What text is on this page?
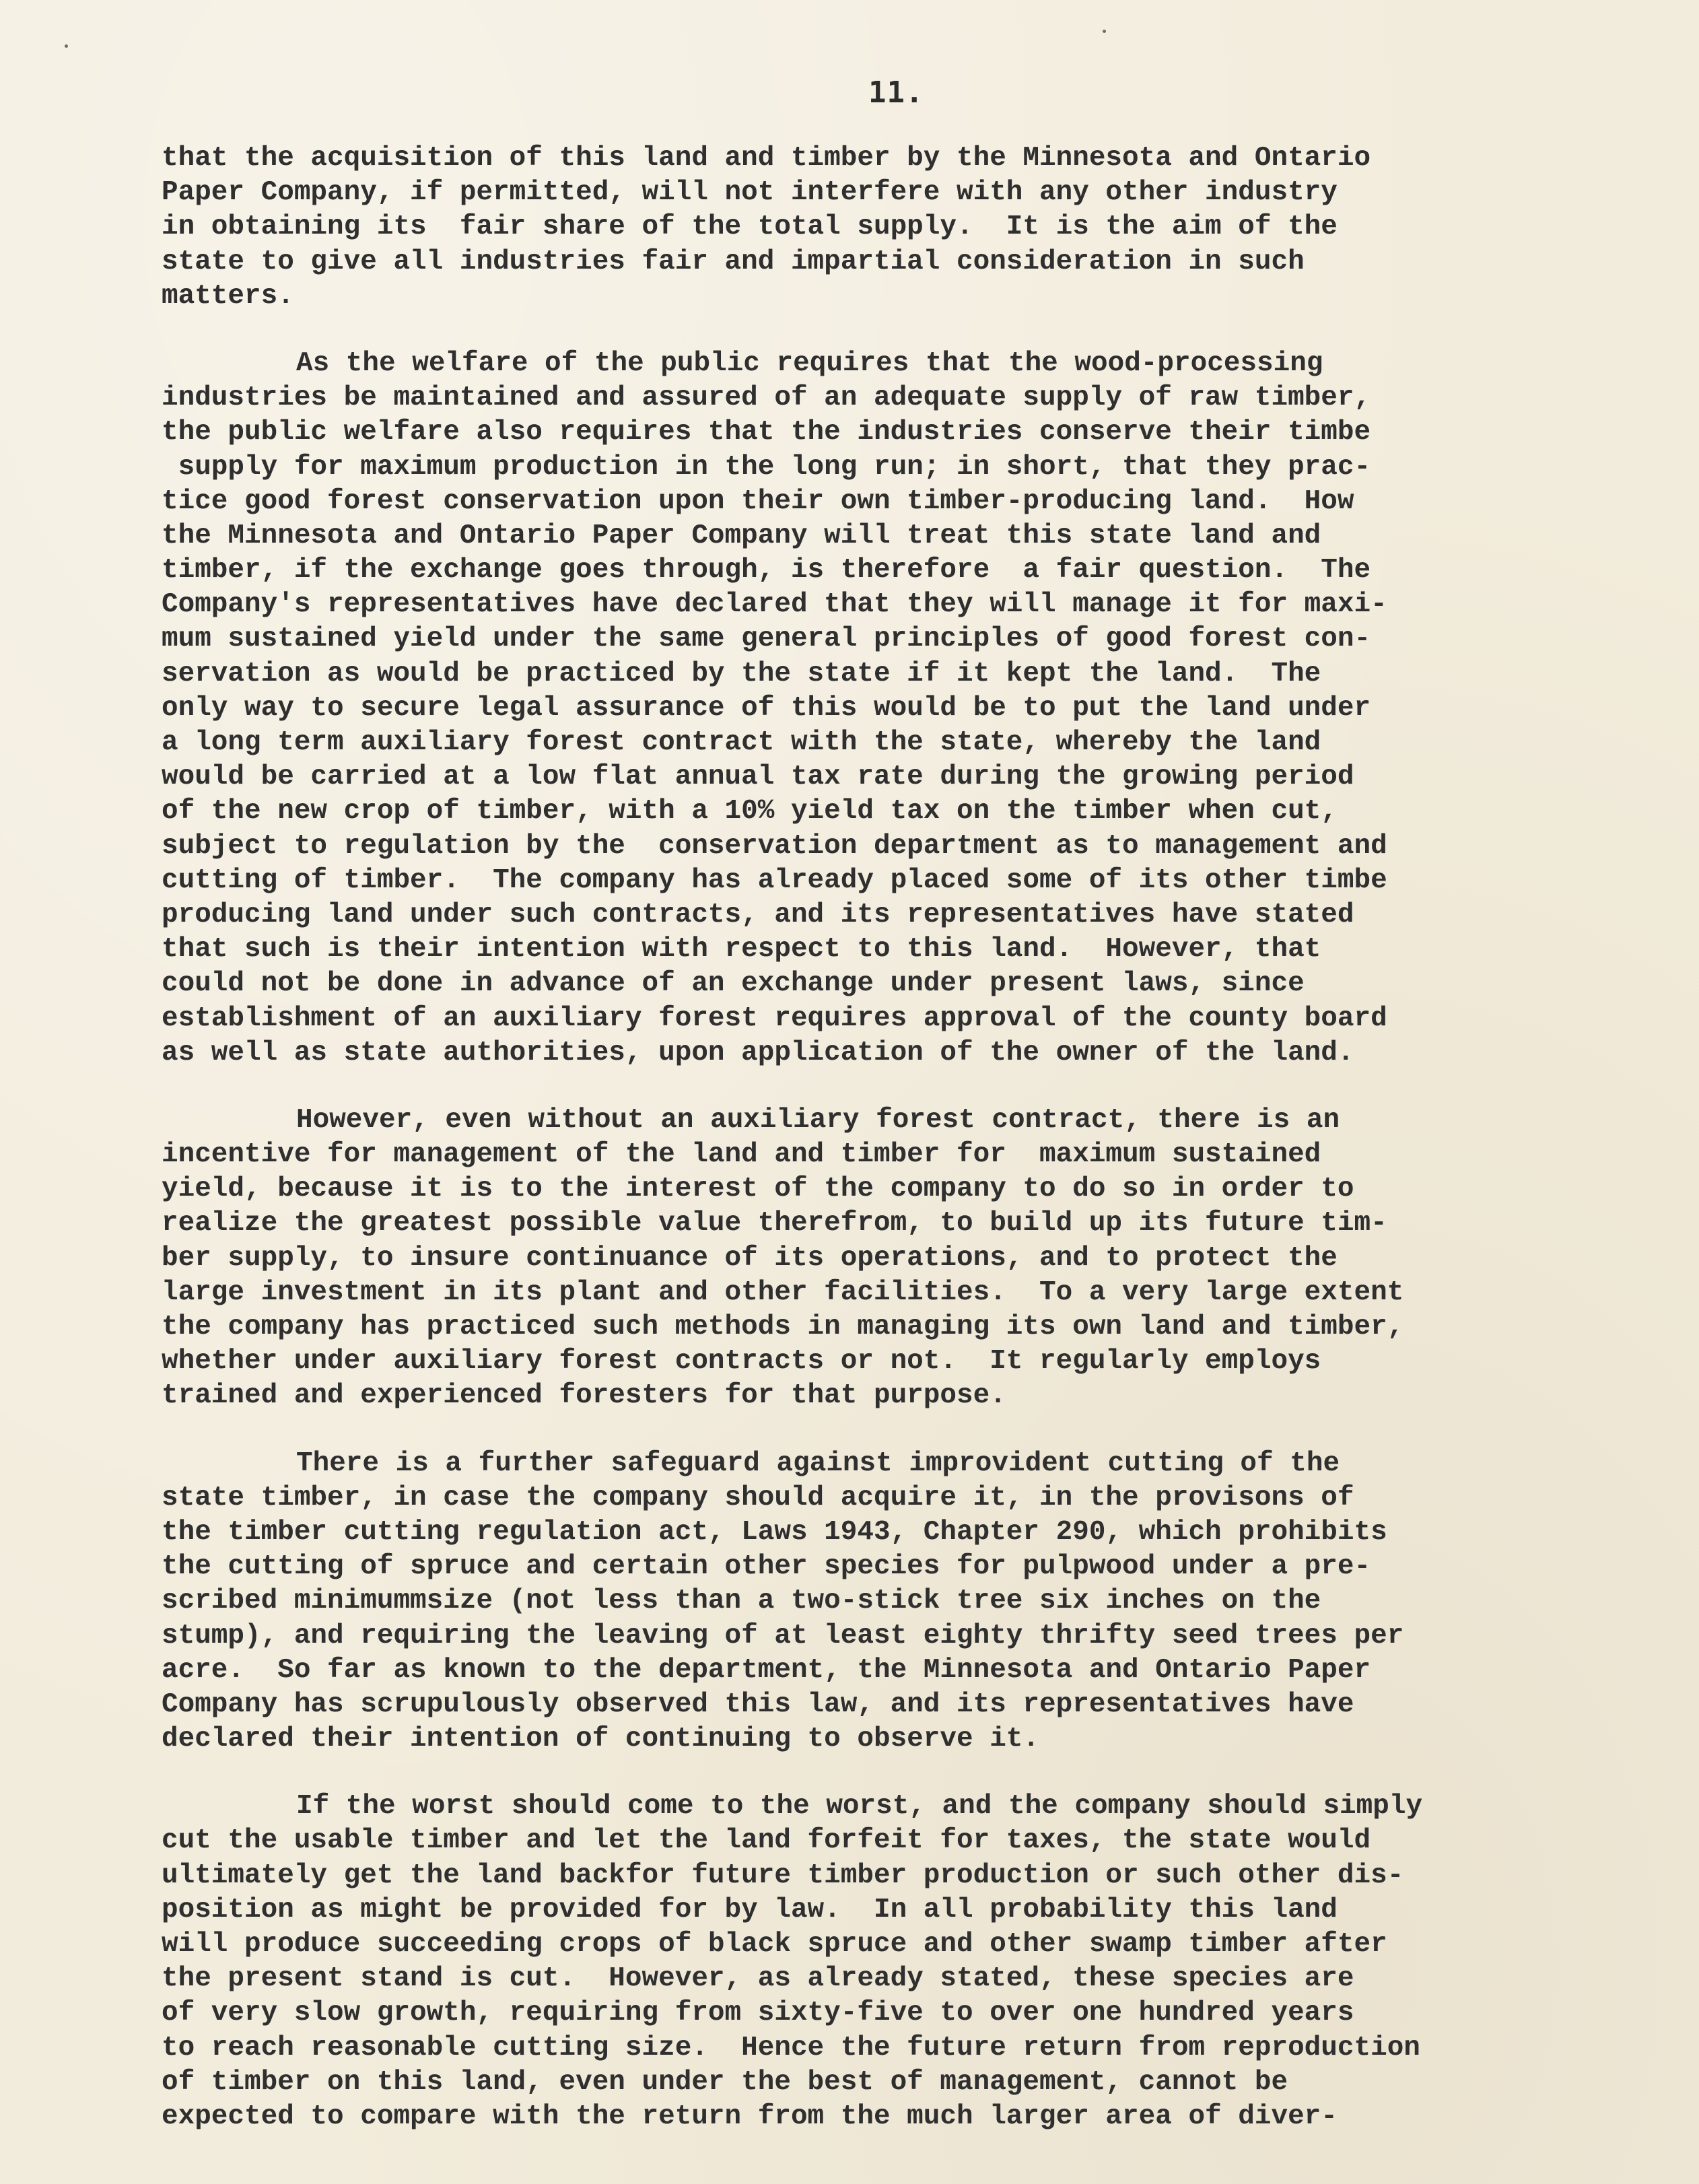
11.
that the acquisition of this land and timber by the Minnesota and Ontario
Paper Company, if permitted, will not interfere with any other industry
in obtaining its  fair share of the total supply.  It is the aim of the
state to give all industries fair and impartial consideration in such
matters.
As the welfare of the public requires that the wood-processing
industries be maintained and assured of an adequate supply of raw timber,
the public welfare also requires that the industries conserve their timbe
supply for maximum production in the long run; in short, that they prac-
tice good forest conservation upon their own timber-producing land.  How
the Minnesota and Ontario Paper Company will treat this state land and
timber, if the exchange goes through, is therefore  a fair question.  The
Company's representatives have declared that they will manage it for maxi-
mum sustained yield under the same general principles of good forest con-
servation as would be practiced by the state if it kept the land.  The
only way to secure legal assurance of this would be to put the land under
a long term auxiliary forest contract with the state, whereby the land
would be carried at a low flat annual tax rate during the growing period
of the new crop of timber, with a 10% yield tax on the timber when cut,
subject to regulation by the  conservation department as to management and
cutting of timber.  The company has already placed some of its other timbe
producing land under such contracts, and its representatives have stated
that such is their intention with respect to this land.  However, that
could not be done in advance of an exchange under present laws, since
establishment of an auxiliary forest requires approval of the county board
as well as state authorities, upon application of the owner of the land.
However, even without an auxiliary forest contract, there is an
incentive for management of the land and timber for  maximum sustained
yield, because it is to the interest of the company to do so in order to
realize the greatest possible value therefrom, to build up its future tim-
ber supply, to insure continuance of its operations, and to protect the
large investment in its plant and other facilities.  To a very large extent
the company has practiced such methods in managing its own land and timber,
whether under auxiliary forest contracts or not.  It regularly employs
trained and experienced foresters for that purpose.
There is a further safeguard against improvident cutting of the
state timber, in case the company should acquire it, in the provisons of
the timber cutting regulation act, Laws 1943, Chapter 290, which prohibits
the cutting of spruce and certain other species for pulpwood under a pre-
scribed minimummsize (not less than a two-stick tree six inches on the
stump), and requiring the leaving of at least eighty thrifty seed trees per
acre.  So far as known to the department, the Minnesota and Ontario Paper
Company has scrupulously observed this law, and its representatives have
declared their intention of continuing to observe it.
If the worst should come to the worst, and the company should simply
cut the usable timber and let the land forfeit for taxes, the state would
ultimately get the land backfor future timber production or such other dis-
position as might be provided for by law.  In all probability this land
will produce succeeding crops of black spruce and other swamp timber after
the present stand is cut.  However, as already stated, these species are
of very slow growth, requiring from sixty-five to over one hundred years
to reach reasonable cutting size.  Hence the future return from reproduction
of timber on this land, even under the best of management, cannot be
expected to compare with the return from the much larger area of diver-
